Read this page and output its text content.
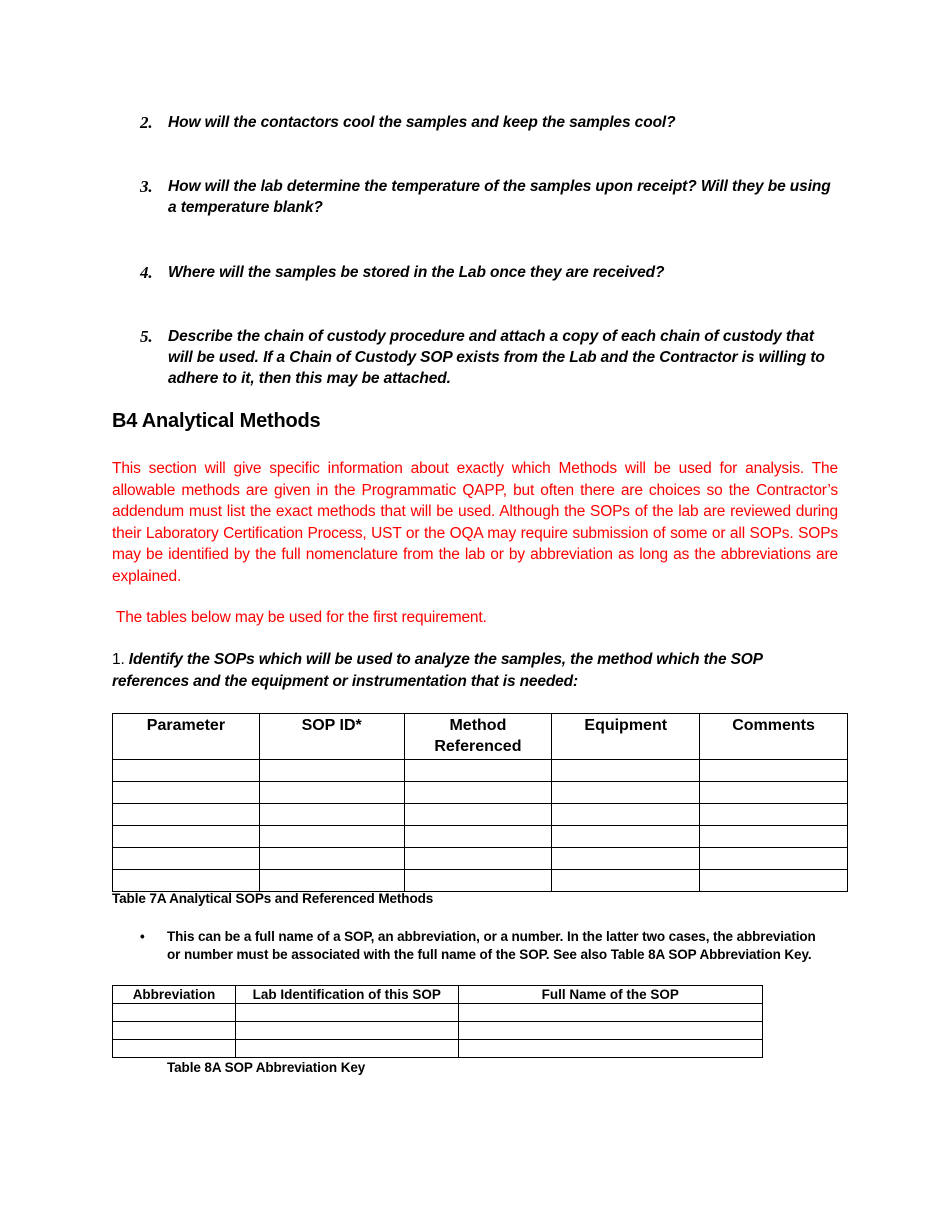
2. How will the contactors cool the samples and keep the samples cool?
3. How will the lab determine the temperature of the samples upon receipt? Will they be using a temperature blank?
4. Where will the samples be stored in the Lab once they are received?
5. Describe the chain of custody procedure and attach a copy of each chain of custody that will be used. If a Chain of Custody SOP exists from the Lab and the Contractor is willing to adhere to it, then this may be attached.
B4 Analytical Methods
This section will give specific information about exactly which Methods will be used for analysis. The allowable methods are given in the Programmatic QAPP, but often there are choices so the Contractor’s addendum must list the exact methods that will be used. Although the SOPs of the lab are reviewed during their Laboratory Certification Process, UST or the OQA may require submission of some or all SOPs. SOPs may be identified by the full nomenclature from the lab or by abbreviation as long as the abbreviations are explained.
The tables below may be used for the first requirement.
1. Identify the SOPs which will be used to analyze the samples, the method which the SOP references and the equipment or instrumentation that is needed:
Parameter	SOP ID*	Method Referenced	Equipment	Comments

Table 7A Analytical SOPs and Referenced Methods
• This can be a full name of a SOP, an abbreviation, or a number. In the latter two cases, the abbreviation or number must be associated with the full name of the SOP. See also Table 8A SOP Abbreviation Key.
Abbreviation	Lab Identification of this SOP	Full Name of the SOP

Table 8A SOP Abbreviation Key
